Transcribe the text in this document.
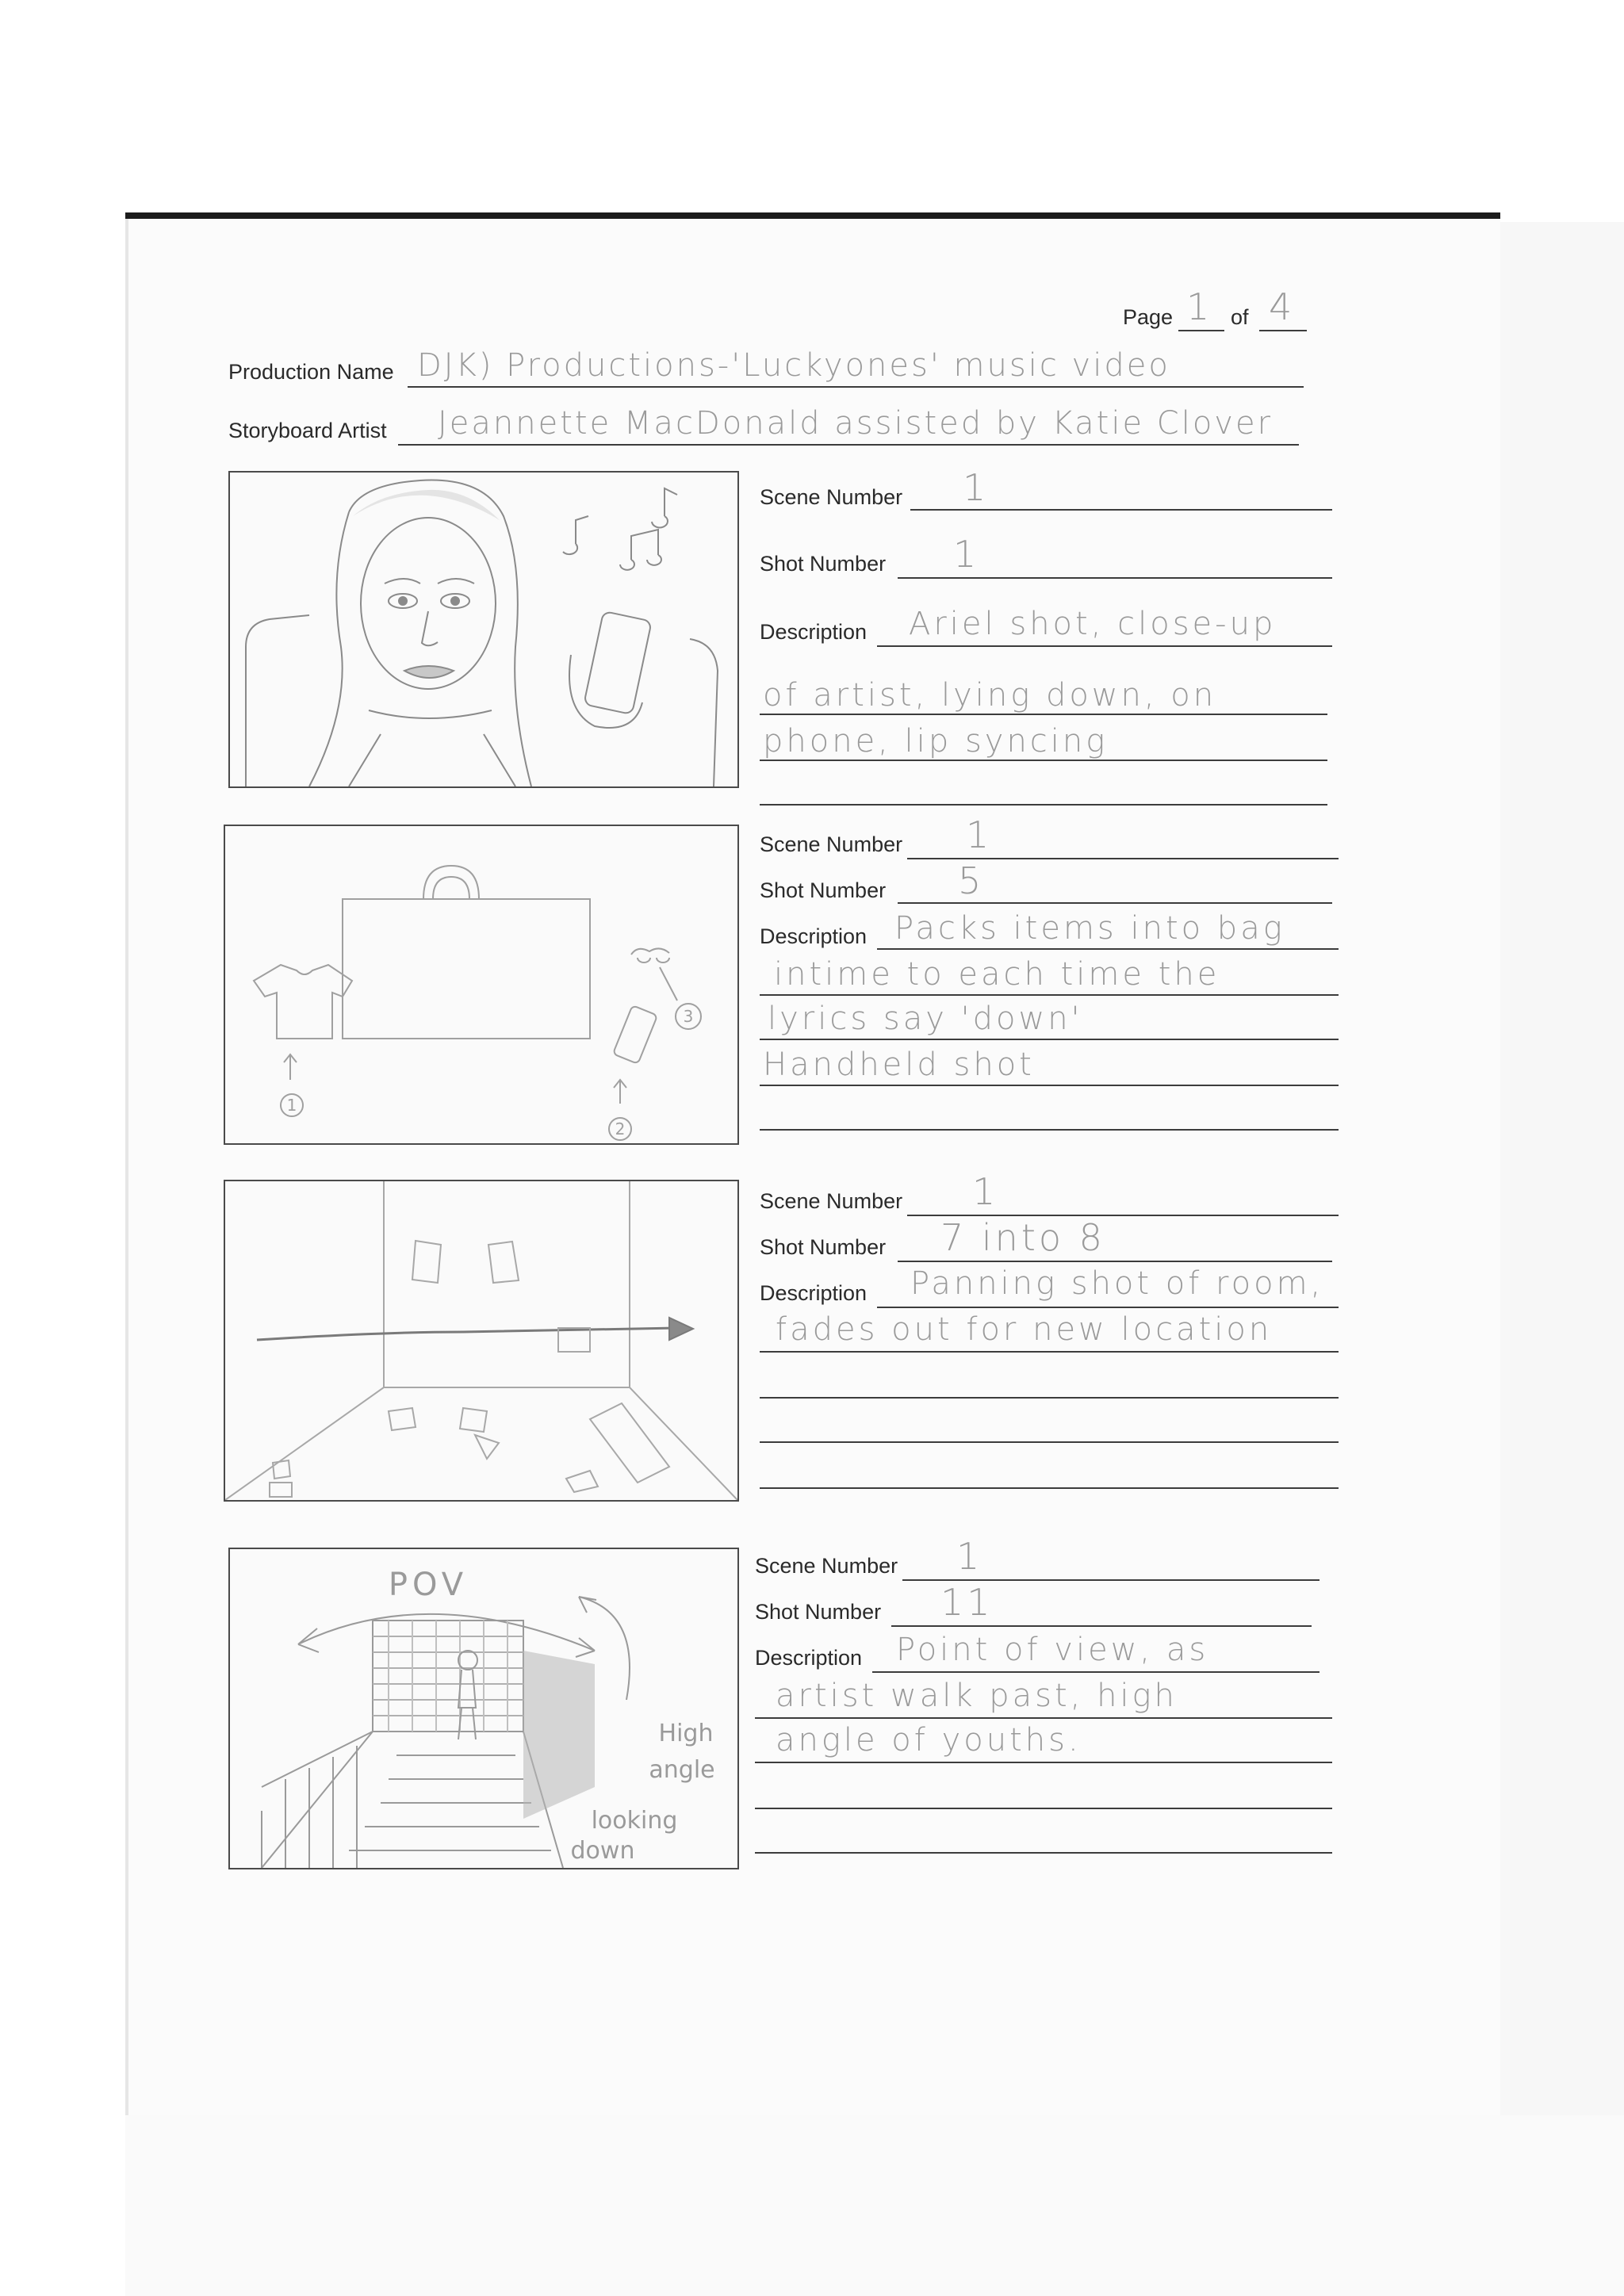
Page 1 of 4
Production Name DJK) Productions-'Luckyones' music video
Storyboard Artist Jeannette MacDonald assisted by Katie Clover
Scene Number 1
Shot Number 1
Description Ariel shot, close-up
of artist, lying down, on
phone, lip syncing
1
2
3
Scene Number 1
Shot Number 5
Description Packs items into bag
intime to each time the
lyrics say 'down'
Handheld shot
Scene Number 1
Shot Number 7 into 8
Description Panning shot of room,
fades out for new location
POV
High
angle
looking
down
Scene Number 1
Shot Number 11
Description Point of view, as
artist walk past, high
angle of youths.
